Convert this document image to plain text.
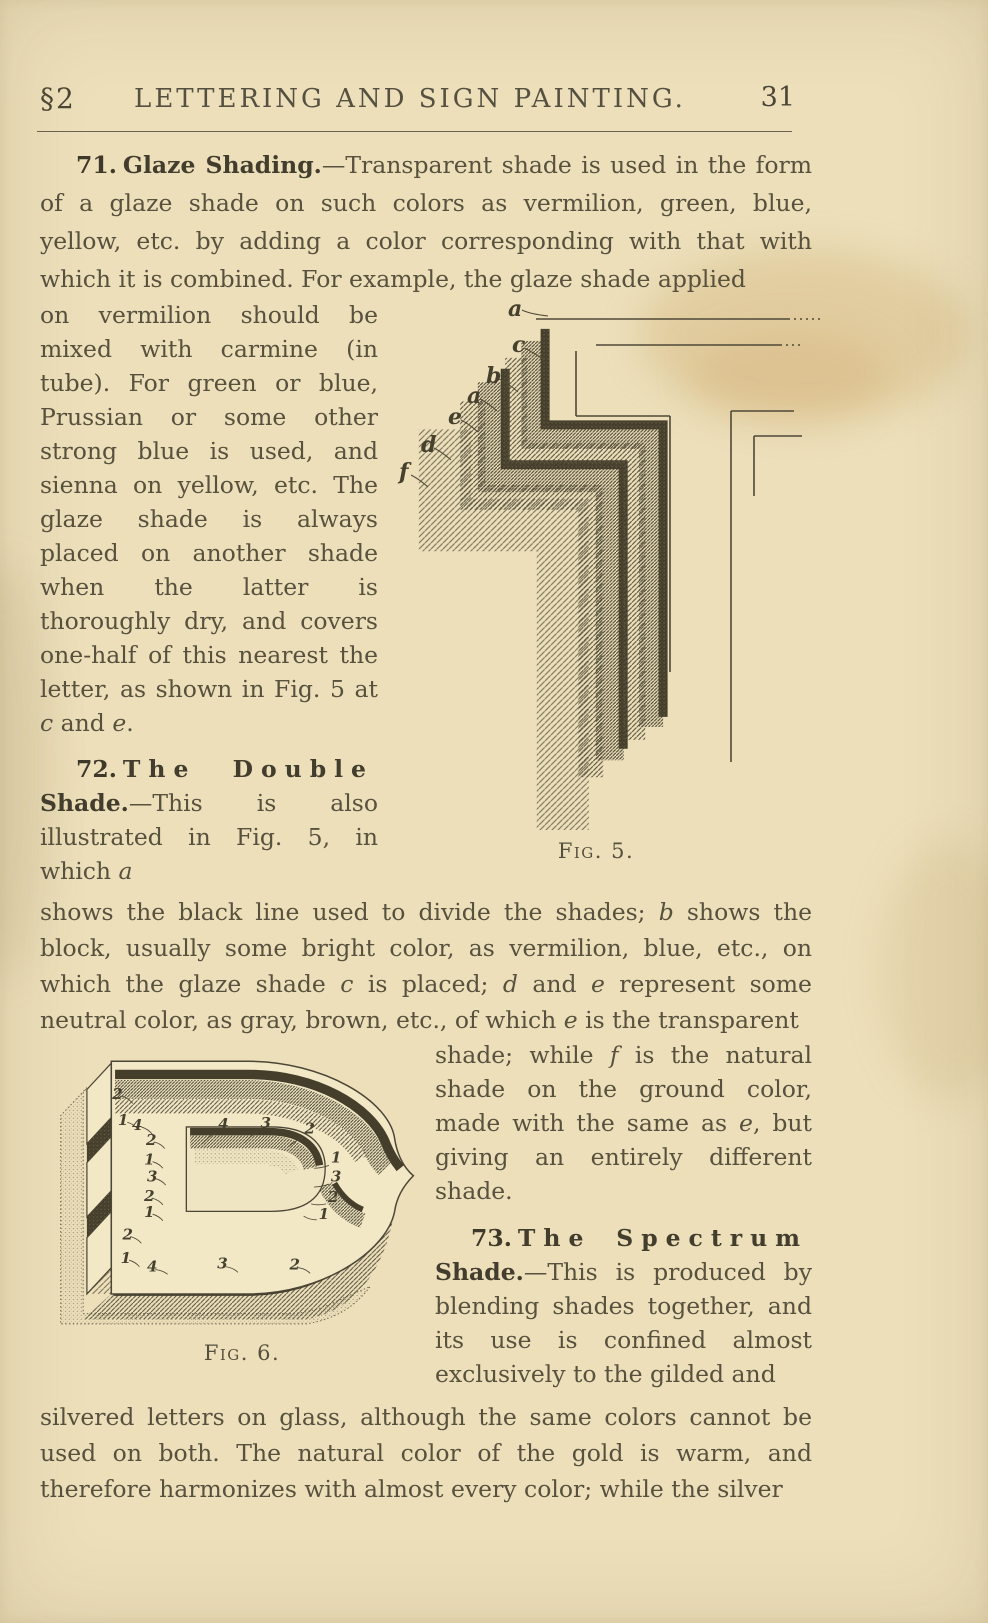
§2	LETTERING AND SIGN PAINTING.	31

71. Glaze Shading.—Transparent shade is used in the form of a glaze shade on such colors as vermilion, green, blue, yellow, etc. by adding a color corresponding with that with which it is combined. For example, the glaze shade applied

a
c
b
a
e
d
f
Fig. 5.

on vermilion should be mixed with carmine (in tube). For green or blue, Prussian or some other strong blue is used, and sienna on yellow, etc. The glaze shade is always placed on another shade when the latter is thoroughly dry, and covers one-half of this nearest the letter, as shown in Fig. 5 at c and e.

72. The Double Shade.—This is also illustrated in Fig. 5, in which a

shows the black line used to divide the shades; b shows the block, usually some bright color, as vermilion, blue, etc., on which the glaze shade c is placed; d and e represent some neutral color, as gray, brown, etc., of which e is the transparent

2
1 4
2
1
3
2
1
2
1
4 3 2
1
3
2
1
4	3	2
Fig. 6.

shade; while f is the natural shade on the ground color, made with the same as e, but giving an entirely different shade.

73. The Spectrum Shade.—This is produced by blending shades together, and its use is confined almost exclusively to the gilded and

silvered letters on glass, although the same colors cannot be used on both. The natural color of the gold is warm, and therefore harmonizes with almost every color; while the silver
